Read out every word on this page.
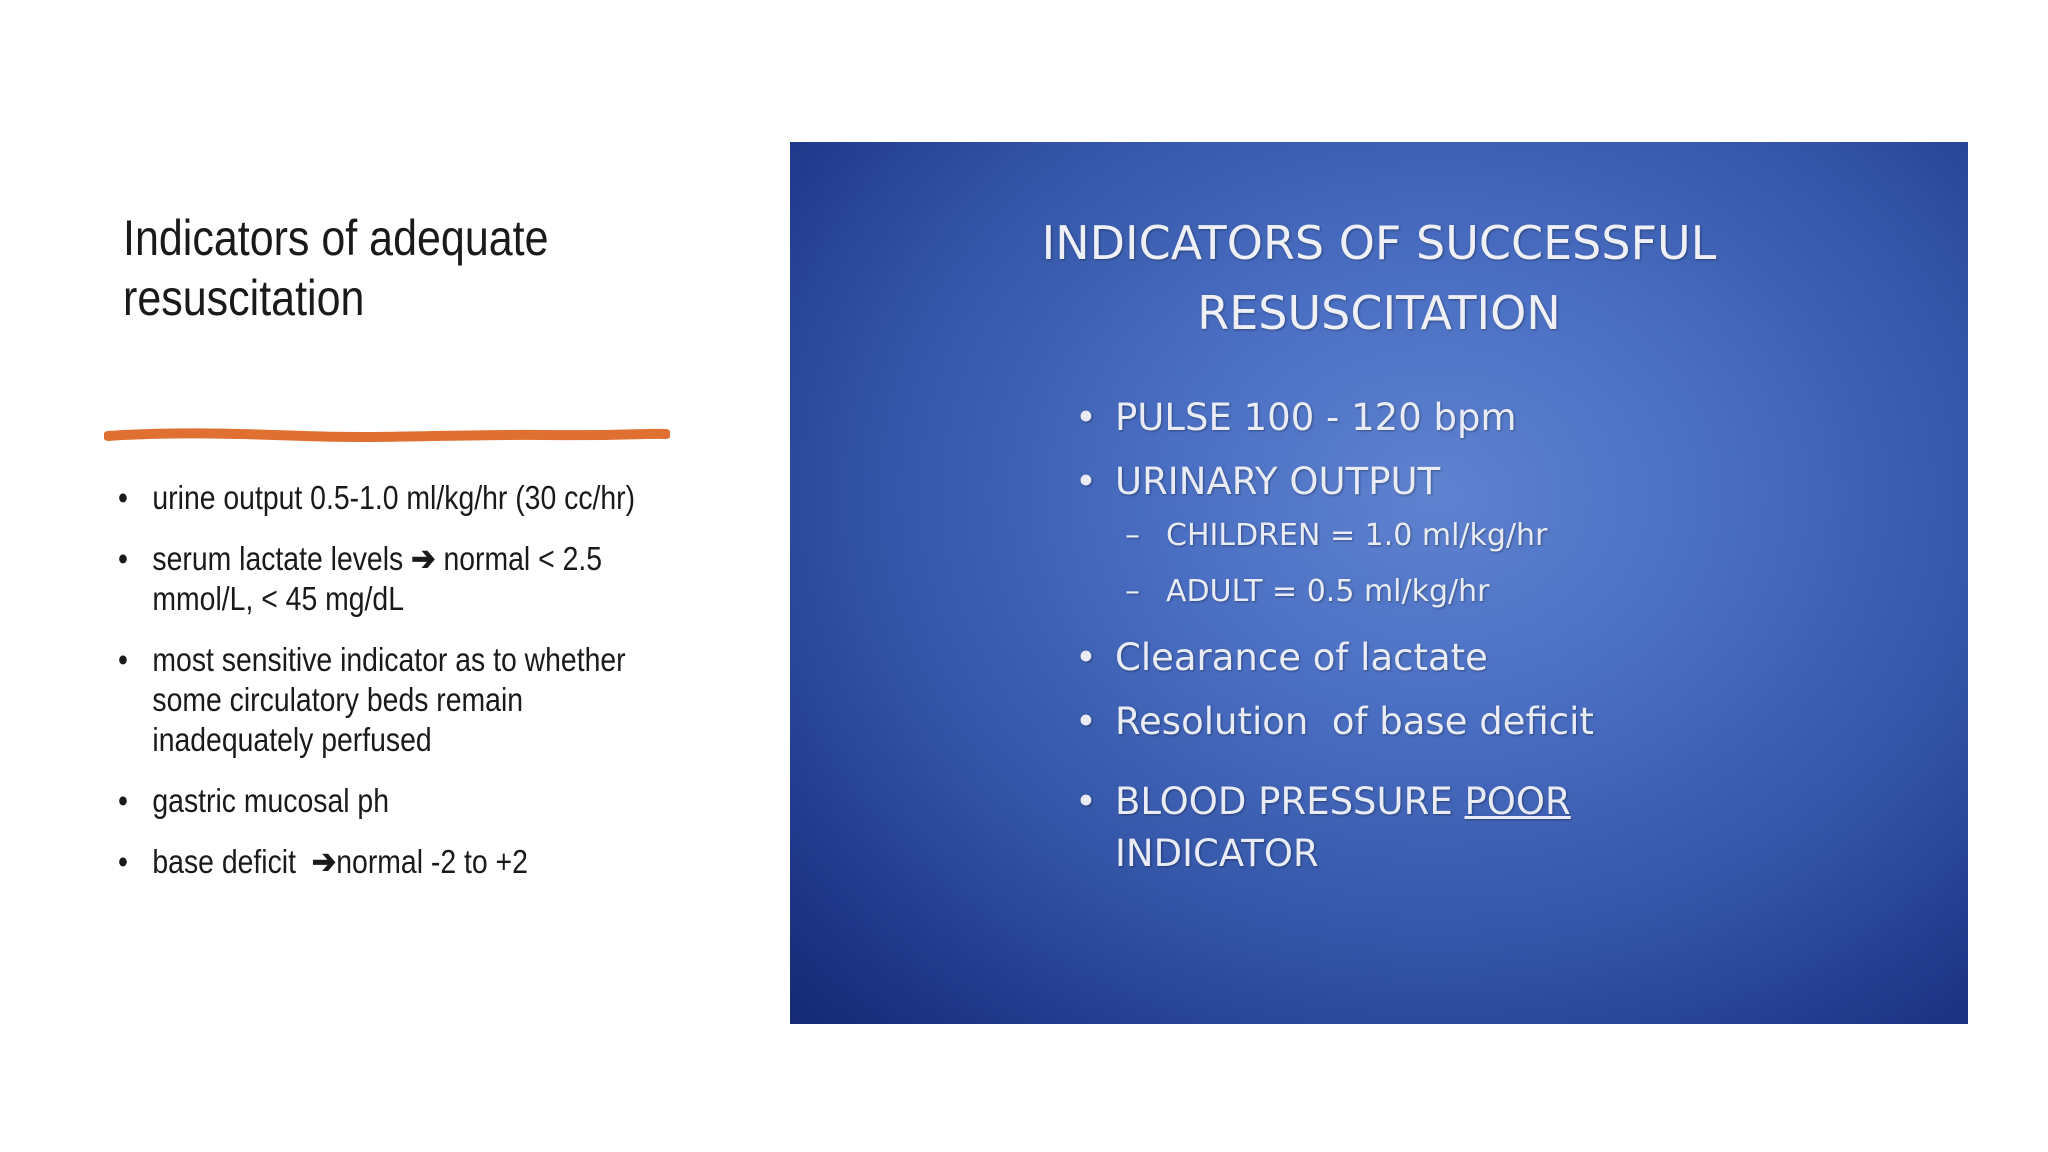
Indicators of adequate
resuscitation
• urine output 0.5-1.0 ml/kg/hr (30 cc/hr)
• serum lactate levels ➔ normal < 2.5
mmol/L, < 45 mg/dL
• most sensitive indicator as to whether
some circulatory beds remain
inadequately perfused
• gastric mucosal ph
• base deficit  ➔normal -2 to +2
INDICATORS OF SUCCESSFUL
RESUSCITATION
• PULSE 100 - 120 bpm
• URINARY OUTPUT
– CHILDREN = 1.0 ml/kg/hr
– ADULT = 0.5 ml/kg/hr
• Clearance of lactate
• Resolution  of base deficit
• BLOOD PRESSURE POOR
INDICATOR
